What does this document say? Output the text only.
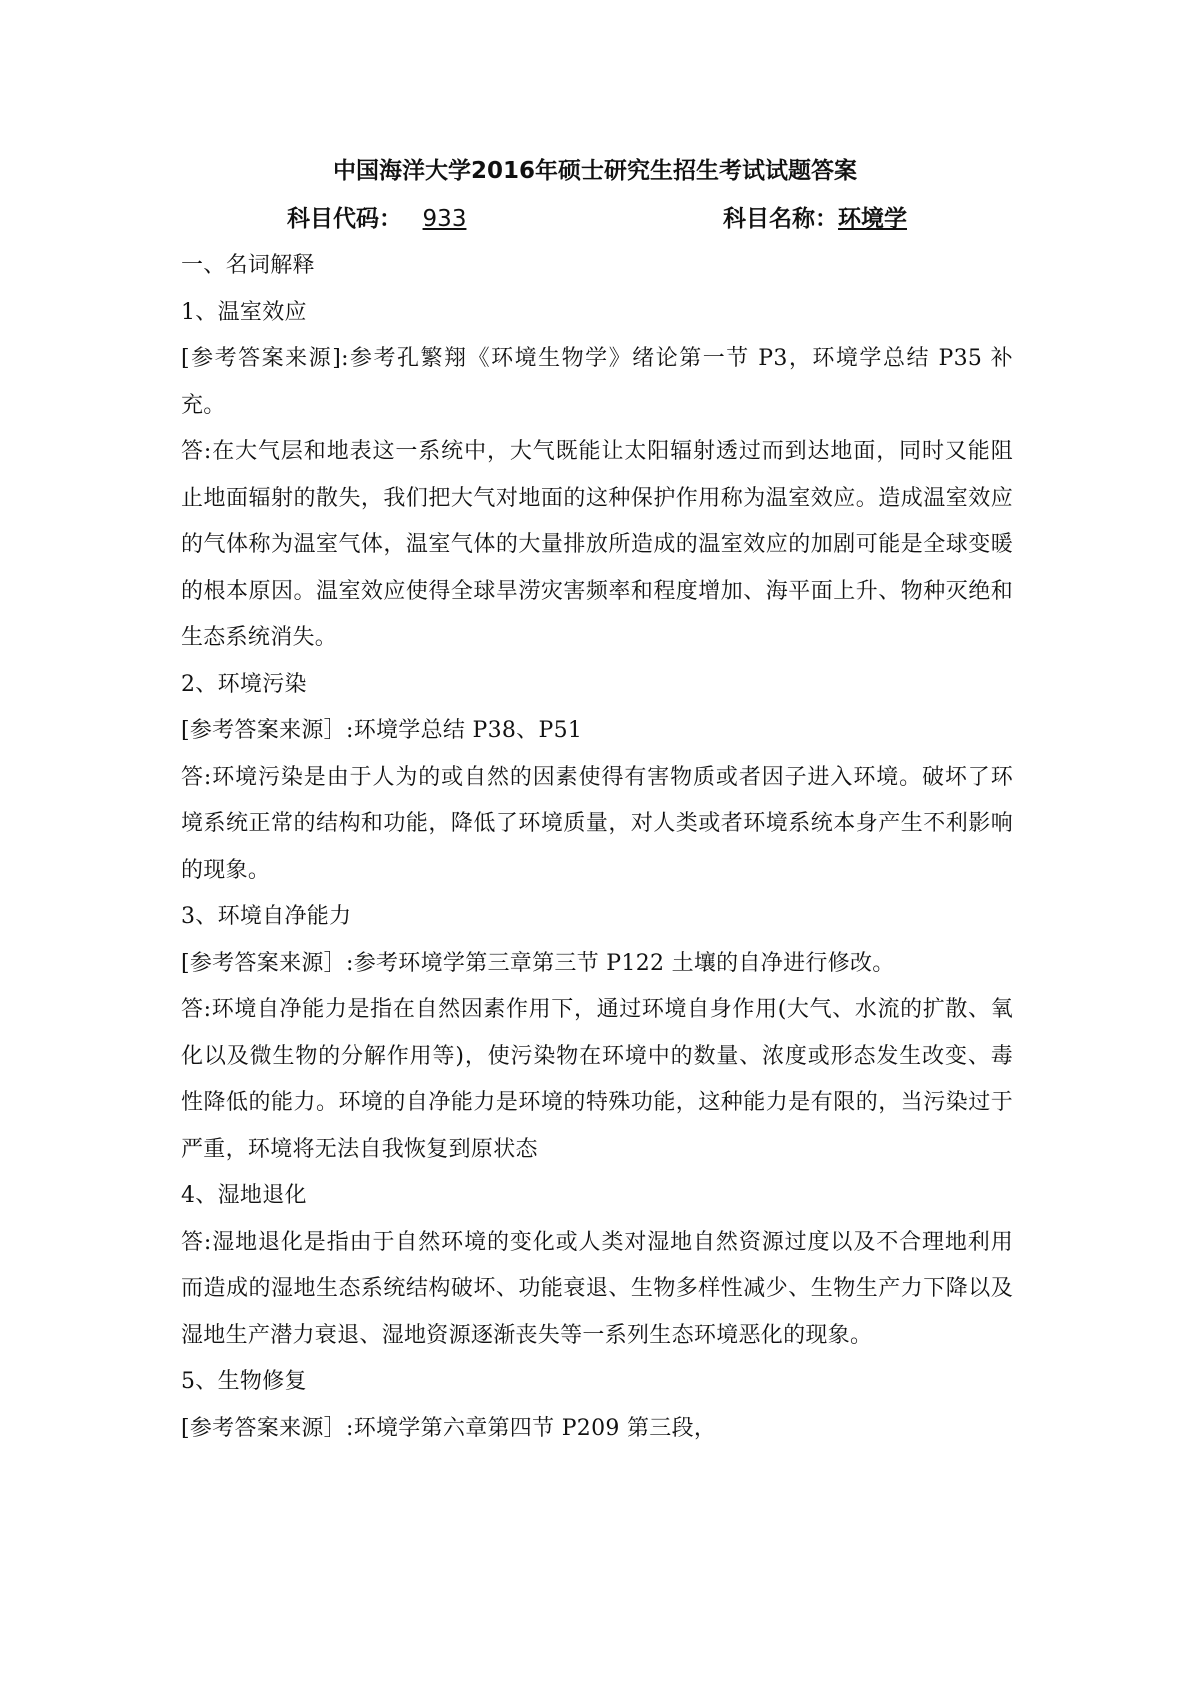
中国海洋大学2016年硕士研究生招生考试试题答案
科目代码： 933	科目名称：环境学

一、名词解释

1、温室效应

[参考答案来源]:参考孔繁翔《环境生物学》绪论第一节 P3，环境学总结 P35 补充。

答:在大气层和地表这一系统中，大气既能让太阳辐射透过而到达地面，同时又能阻止地面辐射的散失，我们把大气对地面的这种保护作用称为温室效应。造成温室效应的气体称为温室气体，温室气体的大量排放所造成的温室效应的加剧可能是全球变暖的根本原因。温室效应使得全球旱涝灾害频率和程度增加、海平面上升、物种灭绝和生态系统消失。

2、环境污染

[参考答案来源］:环境学总结 P38、P51

答:环境污染是由于人为的或自然的因素使得有害物质或者因子进入环境。破坏了环境系统正常的结构和功能，降低了环境质量，对人类或者环境系统本身产生不利影响的现象。

3、环境自净能力

[参考答案来源］:参考环境学第三章第三节 P122 土壤的自净进行修改。

答:环境自净能力是指在自然因素作用下，通过环境自身作用(大气、水流的扩散、氧化以及微生物的分解作用等)，使污染物在环境中的数量、浓度或形态发生改变、毒性降低的能力。环境的自净能力是环境的特殊功能，这种能力是有限的，当污染过于严重，环境将无法自我恢复到原状态

4、湿地退化

答:湿地退化是指由于自然环境的变化或人类对湿地自然资源过度以及不合理地利用而造成的湿地生态系统结构破坏、功能衰退、生物多样性减少、生物生产力下降以及湿地生产潜力衰退、湿地资源逐渐丧失等一系列生态环境恶化的现象。

5、生物修复

[参考答案来源］:环境学第六章第四节 P209 第三段，
